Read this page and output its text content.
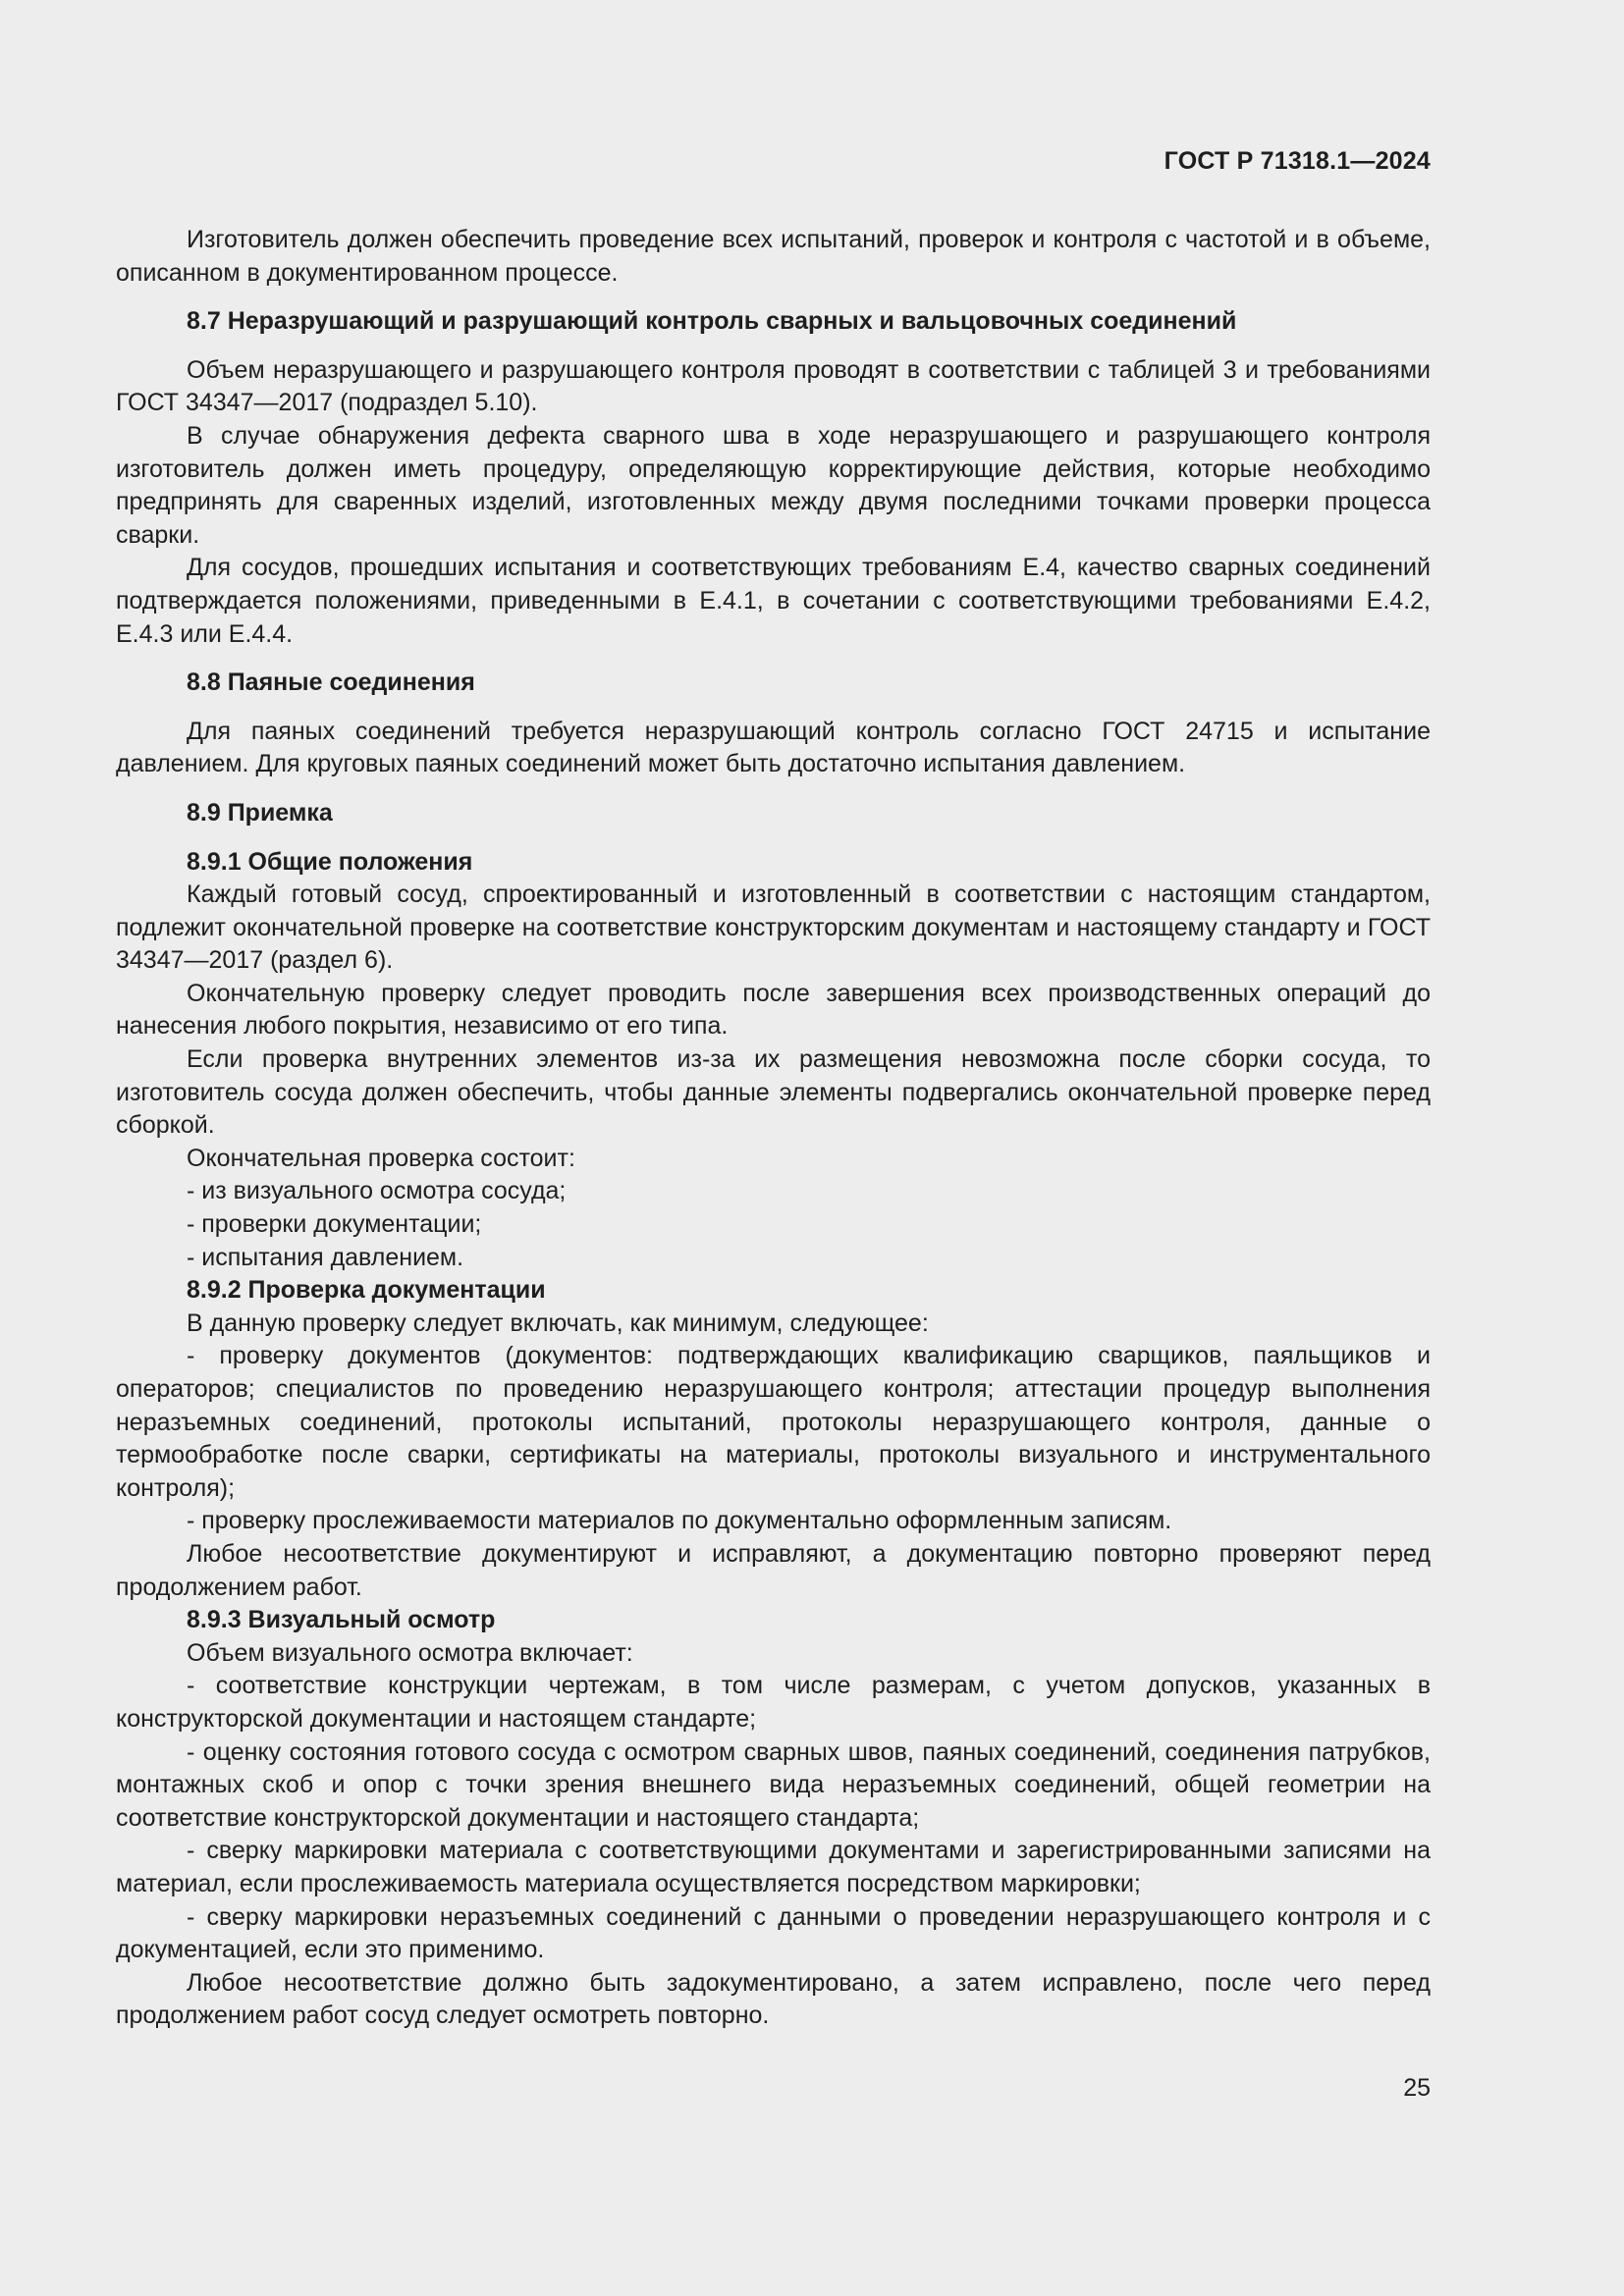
ГОСТ Р 71318.1—2024

Изготовитель должен обеспечить проведение всех испытаний, проверок и контроля с частотой и в объеме, описанном в документированном процессе.

8.7 Неразрушающий и разрушающий контроль сварных и вальцовочных соединений

Объем неразрушающего и разрушающего контроля проводят в соответствии с таблицей 3 и требованиями ГОСТ 34347—2017 (подраздел 5.10).

В случае обнаружения дефекта сварного шва в ходе неразрушающего и разрушающего контроля изготовитель должен иметь процедуру, определяющую корректирующие действия, которые необходимо предпринять для сваренных изделий, изготовленных между двумя последними точками проверки процесса сварки.

Для сосудов, прошедших испытания и соответствующих требованиям Е.4, качество сварных соединений подтверждается положениями, приведенными в Е.4.1, в сочетании с соответствующими требованиями Е.4.2, Е.4.3 или Е.4.4.

8.8 Паяные соединения

Для паяных соединений требуется неразрушающий контроль согласно ГОСТ 24715 и испытание давлением. Для круговых паяных соединений может быть достаточно испытания давлением.

8.9 Приемка

8.9.1 Общие положения

Каждый готовый сосуд, спроектированный и изготовленный в соответствии с настоящим стандартом, подлежит окончательной проверке на соответствие конструкторским документам и настоящему стандарту и ГОСТ 34347—2017 (раздел 6).

Окончательную проверку следует проводить после завершения всех производственных операций до нанесения любого покрытия, независимо от его типа.

Если проверка внутренних элементов из-за их размещения невозможна после сборки сосуда, то изготовитель сосуда должен обеспечить, чтобы данные элементы подвергались окончательной проверке перед сборкой.

Окончательная проверка состоит:

- из визуального осмотра сосуда;

- проверки документации;

- испытания давлением.

8.9.2 Проверка документации

В данную проверку следует включать, как минимум, следующее:

- проверку документов (документов: подтверждающих квалификацию сварщиков, паяльщиков и операторов; специалистов по проведению неразрушающего контроля; аттестации процедур выполнения неразъемных соединений, протоколы испытаний, протоколы неразрушающего контроля, данные о термообработке после сварки, сертификаты на материалы, протоколы визуального и инструментального контроля);

- проверку прослеживаемости материалов по документально оформленным записям.

Любое несоответствие документируют и исправляют, а документацию повторно проверяют перед продолжением работ.

8.9.3 Визуальный осмотр

Объем визуального осмотра включает:

- соответствие конструкции чертежам, в том числе размерам, с учетом допусков, указанных в конструкторской документации и настоящем стандарте;

- оценку состояния готового сосуда с осмотром сварных швов, паяных соединений, соединения патрубков, монтажных скоб и опор с точки зрения внешнего вида неразъемных соединений, общей геометрии на соответствие конструкторской документации и настоящего стандарта;

- сверку маркировки материала с соответствующими документами и зарегистрированными записями на материал, если прослеживаемость материала осуществляется посредством маркировки;

- сверку маркировки неразъемных соединений с данными о проведении неразрушающего контроля и с документацией, если это применимо.

Любое несоответствие должно быть задокументировано, а затем исправлено, после чего перед продолжением работ сосуд следует осмотреть повторно.

25
